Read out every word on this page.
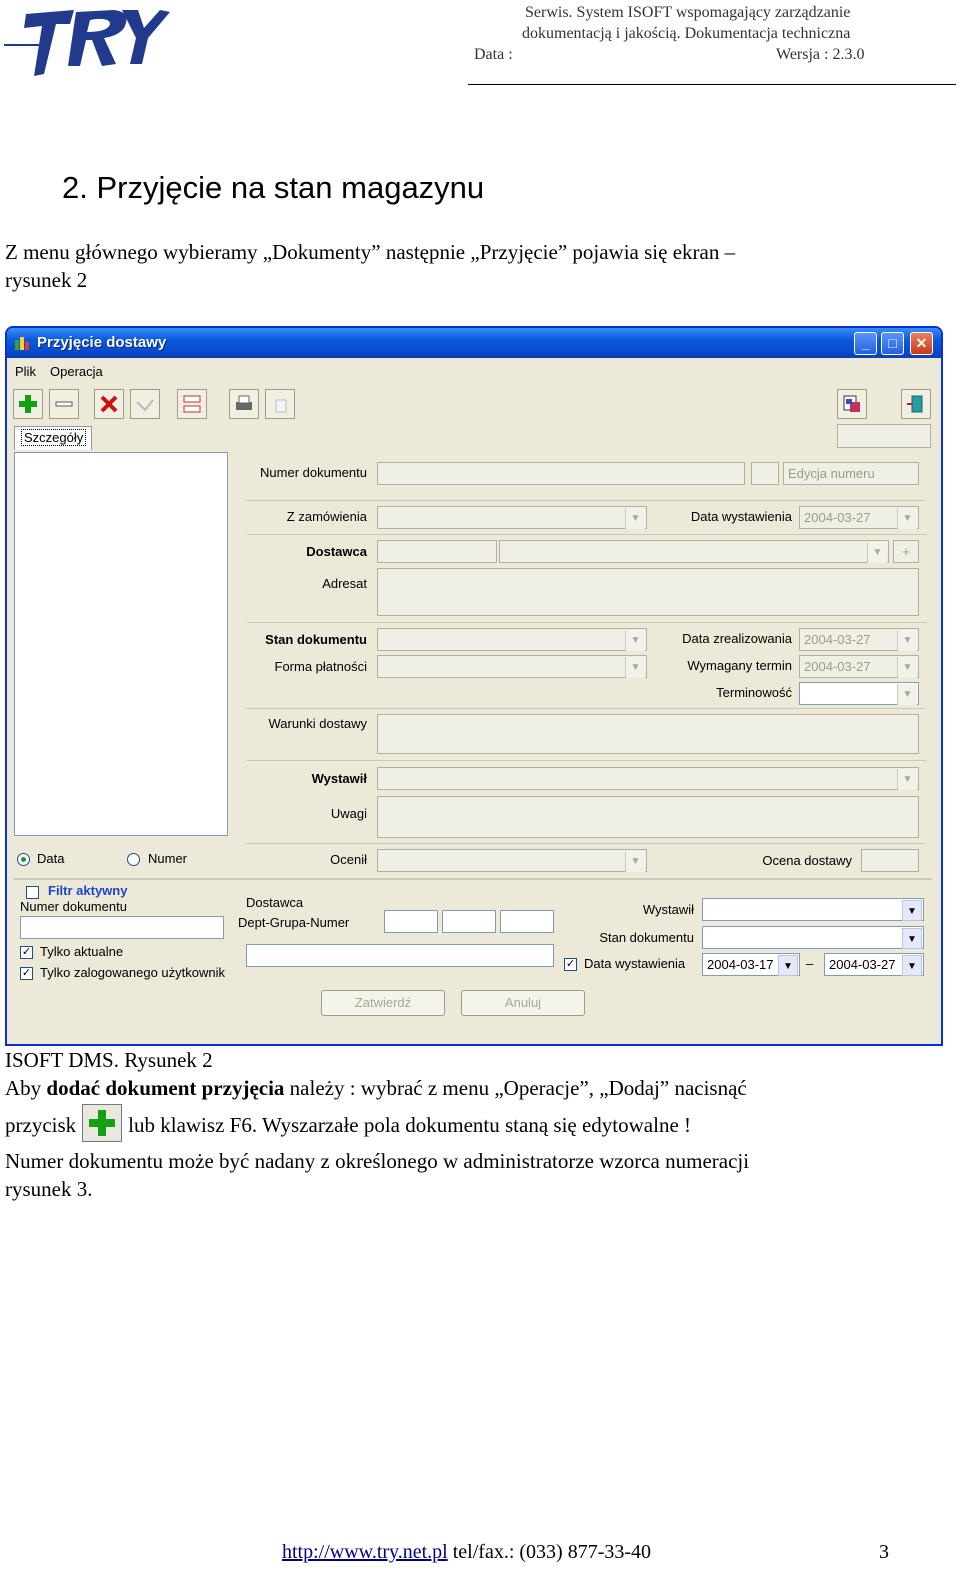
TRY	Serwis. System ISOFT wspomagający zarządzanie
dokumentacją i jakością. Dokumentacja techniczna
Data :	Wersja : 2.3.0
2. Przyjęcie na stan magazynu
Z menu głównego wybieramy „Dokumenty” następnie „Przyjęcie” pojawia się ekran –
rysunek 2
Przyjęcie dostawy	_	□	✕
Plik Operacja
Szczegóły
Data	Numer
Numer dokumentu	Edycja numeru
Z zamówienia	▼	Data wystawienia 2004-03-27	▼
Dostawca	▼	+
Adresat
Stan dokumentu	▼	Data zrealizowania 2004-03-27	▼
Forma płatności	▼	Wymagany termin 2004-03-27	▼
Terminowość	▼
Warunki dostawy
Wystawił	▼
Uwagi
Ocenił	▼	Ocena dostawy
Filtr aktywny
Numer dokumentu
✓ Tylko aktualne
✓ Tylko zalogowanego użytkownik
Dostawca
Dept-Grupa-Numer
Wystawił	▼
Stan dokumentu	▼
✓ Data wystawienia	2004-03-17 ▼	–	2004-03-27	▼
Zatwierdź	Anuluj
ISOFT DMS. Rysunek 2
Aby dodać dokument przyjęcia należy : wybrać z menu „Operacje”, „Dodaj” nacisnąć
przycisk lub klawisz F6. Wyszarzałe pola dokumentu staną się edytowalne !
Numer dokumentu może być nadany z określonego w administratorze wzorca numeracji
rysunek 3.
http://www.try.net.pl tel/fax.: (033) 877-33-40	3
